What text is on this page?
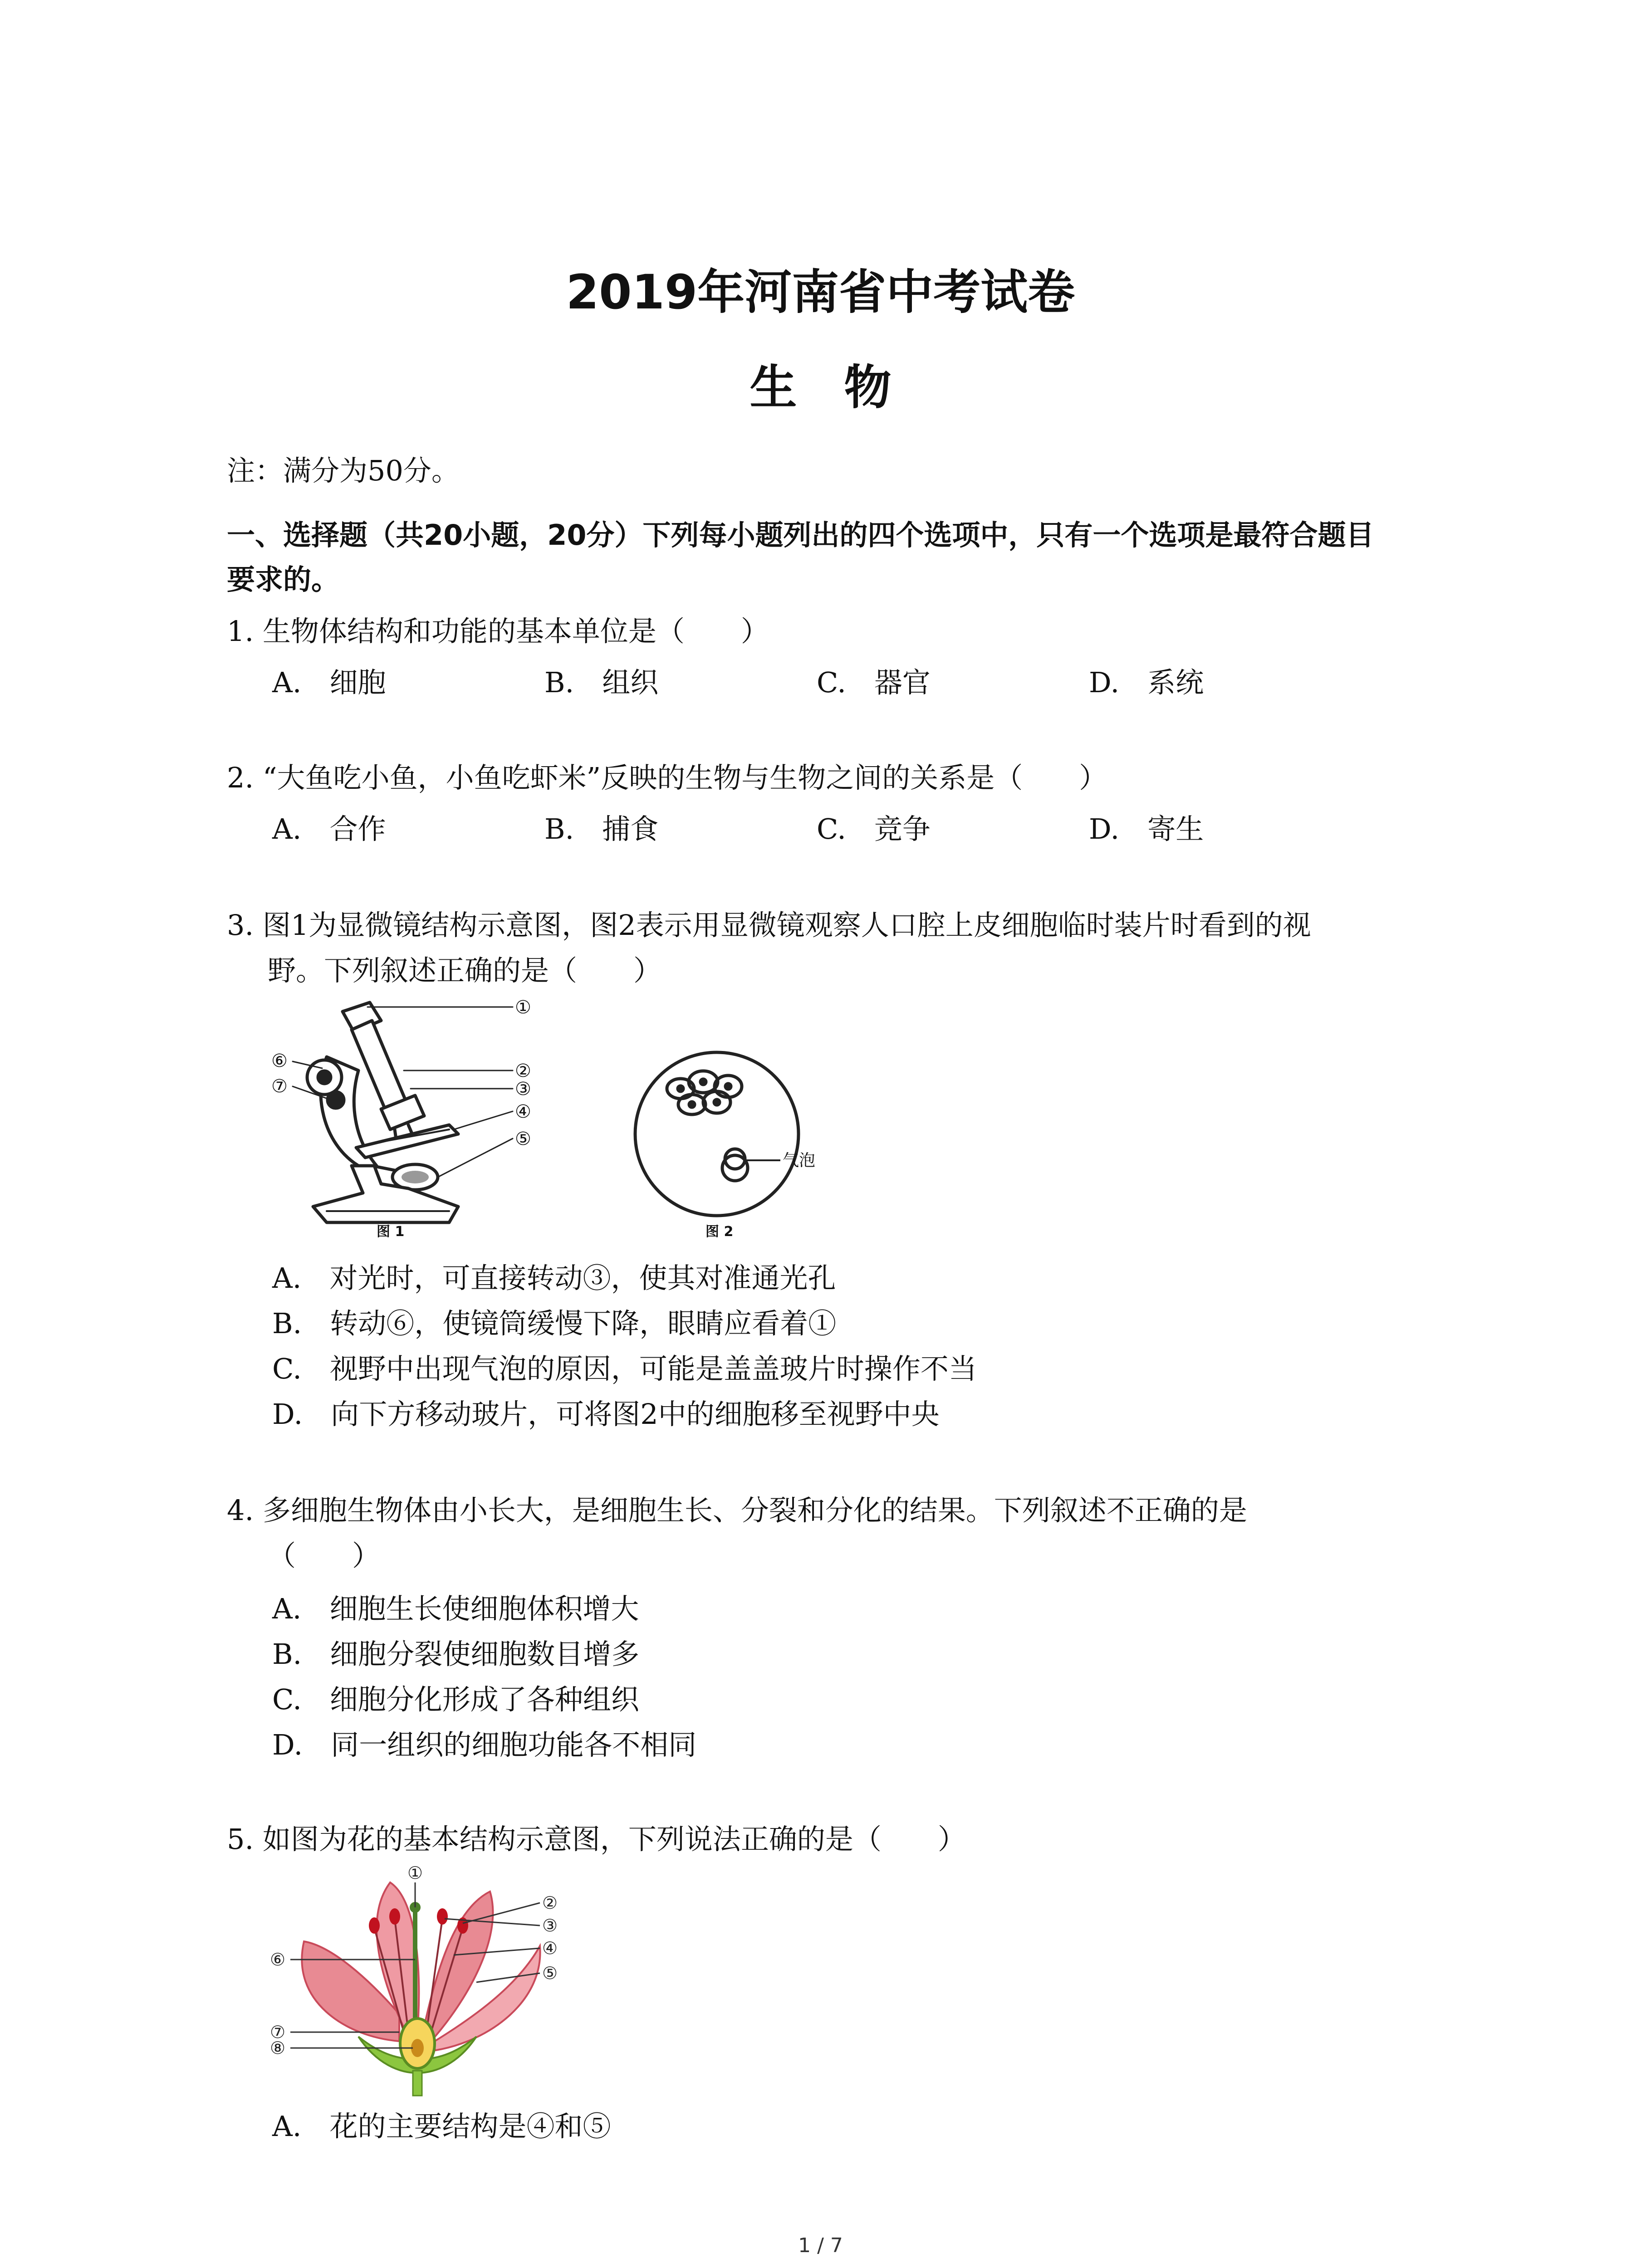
2019年河南省中考试卷
生　物
注：满分为50分。
一、选择题（共20小题，20分）下列每小题列出的四个选项中，只有一个选项是最符合题目
要求的。
1. 生物体结构和功能的基本单位是（　　）
A.　细胞	B.　组织	C.　器官	D.　系统
2. “大鱼吃小鱼，小鱼吃虾米”反映的生物与生物之间的关系是（　　）
A.　合作	B.　捕食	C.　竞争	D.　寄生
3. 图1为显微镜结构示意图，图2表示用显微镜观察人口腔上皮细胞临时装片时看到的视
野。下列叙述正确的是（　　）
①
②
③
④
⑤
⑥
⑦
图 1
气泡
图 2
A.　对光时，可直接转动③，使其对准通光孔
B.　转动⑥，使镜筒缓慢下降，眼睛应看着①
C.　视野中出现气泡的原因，可能是盖盖玻片时操作不当
D.　向下方移动玻片，可将图2中的细胞移至视野中央
4. 多细胞生物体由小长大，是细胞生长、分裂和分化的结果。下列叙述不正确的是
（　　）
A.　细胞生长使细胞体积增大
B.　细胞分裂使细胞数目增多
C.　细胞分化形成了各种组织
D.　同一组织的细胞功能各不相同
5. 如图为花的基本结构示意图，下列说法正确的是（　　）
①
②
③
④
⑤
⑥
⑦
⑧
A.　花的主要结构是④和⑤
1 / 7
